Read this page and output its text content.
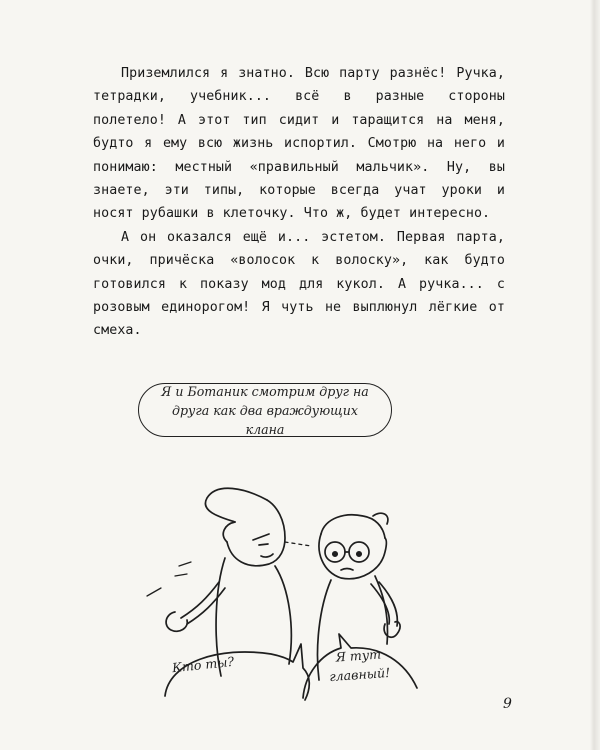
Приземлился я знатно. Всю парту разнёс! Ручка, тетрадки, учебник... всё в разные стороны полетело! А этот тип сидит и таращится на меня, будто я ему всю жизнь испортил. Смотрю на него и понимаю: местный «правильный мальчик». Ну, вы знаете, эти типы, которые всегда учат уроки и носят рубашки в клеточку. Что ж, будет интересно.

А он оказался ещё и... эстетом. Первая парта, очки, причёска «волосок к волоску», как будто готовился к показу мод для кукол. А ручка... с розовым единорогом! Я чуть не выплюнул лёгкие от смеха.

Я и Ботаник смотрим друг на друга как два враждующих клана
Кто ты?	Я тут главный!
9
